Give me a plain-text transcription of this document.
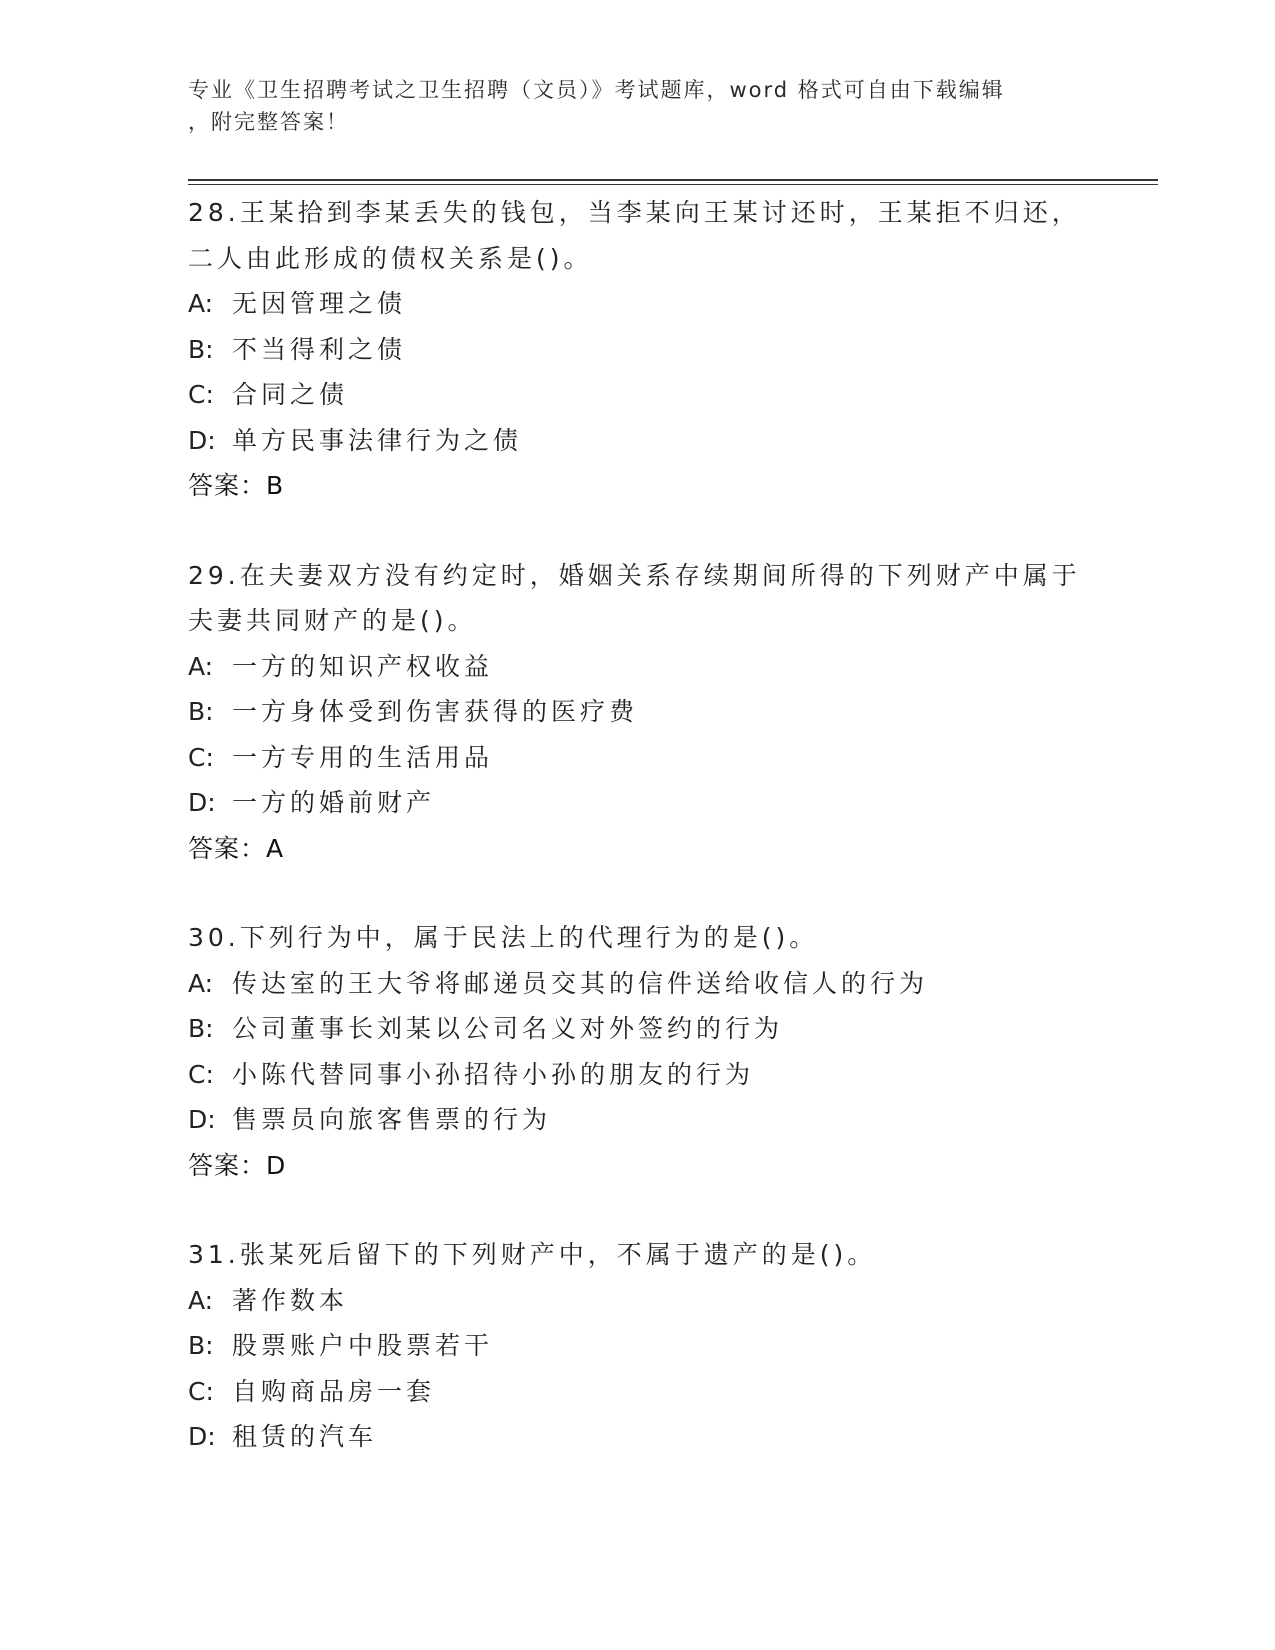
专业《卫生招聘考试之卫生招聘（文员）》考试题库，word 格式可自由下载编辑
，附完整答案！
28.王某拾到李某丢失的钱包，当李某向王某讨还时，王某拒不归还，
二人由此形成的债权关系是()。
A: 无因管理之债
B: 不当得利之债
C: 合同之债
D: 单方民事法律行为之债
答案：B
29.在夫妻双方没有约定时，婚姻关系存续期间所得的下列财产中属于
夫妻共同财产的是()。
A: 一方的知识产权收益
B: 一方身体受到伤害获得的医疗费
C: 一方专用的生活用品
D: 一方的婚前财产
答案：A
30.下列行为中，属于民法上的代理行为的是()。
A: 传达室的王大爷将邮递员交其的信件送给收信人的行为
B: 公司董事长刘某以公司名义对外签约的行为
C: 小陈代替同事小孙招待小孙的朋友的行为
D: 售票员向旅客售票的行为
答案：D
31.张某死后留下的下列财产中，不属于遗产的是()。
A: 著作数本
B: 股票账户中股票若干
C: 自购商品房一套
D: 租赁的汽车
